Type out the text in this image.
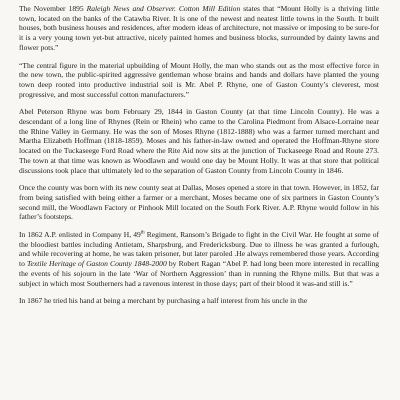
The November 1895 Raleigh News and Observer. Cotton Mill Edition states that “Mount Holly is a thriving little town, located on the banks of the Catawba River. It is one of the newest and neatest little towns in the South. It built houses, both business houses and residences, after modern ideas of architecture, not massive or imposing to be sure-for it is a very young town yet-but attractive, nicely painted homes and business blocks, surrounded by dainty lawns and flower pots.”

“The central figure in the material upbuilding of Mount Holly, the man who stands out as the most effective force in the new town, the public-spirited aggressive gentleman whose brains and hands and dollars have planted the young town deep rooted into productive industrial soil is Mr. Abel P. Rhyne, one of Gaston County’s cleverest, most progressive, and most successful cotton manufacturers.”

Abel Peterson Rhyne was born February 29, 1844 in Gaston County (at that time Lincoln County). He was a descendant of a long line of Rhynes (Rein or Rhein) who came to the Carolina Piedmont from Alsace-Lorraine near the Rhine Valley in Germany. He was the son of Moses Rhyne (1812-1888) who was a farmer turned merchant and Martha Elizabeth Hoffman (1818-1859). Moses and his father-in-law owned and operated the Hoffman-Rhyne store located on the Tuckaseege Ford Road where the Rite Aid now sits at the junction of Tuckaseege Road and Route 273. The town at that time was known as Woodlawn and would one day be Mount Holly. It was at that store that political discussions took place that ultimately led to the separation of Gaston County from Lincoln County in 1846.

Once the county was born with its new county seat at Dallas, Moses opened a store in that town. However, in 1852, far from being satisfied with being either a farmer or a merchant, Moses became one of six partners in Gaston County’s second mill, the Woodlawn Factory or Pinhook Mill located on the South Fork River. A.P. Rhyne would follow in his father’s footsteps.

In 1862 A.P. enlisted in Company H, 49th Regiment, Ransom’s Brigade to fight in the Civil War. He fought at some of the bloodiest battles including Antietam, Sharpsburg, and Fredericksburg. Due to illness he was granted a furlough, and while recovering at home, he was taken prisoner, but later paroled .He always remembered those years. According to Textile Heritage of Gaston County 1848-2000 by Robert Ragan “Abel P. had long been more interested in recalling the events of his sojourn in the late ‘War of Northern Aggression’ than in running the Rhyne mills. But that was a subject in which most Southerners had a ravenous interest in those days; part of their blood it was-and still is.”

In 1867 he tried his hand at being a merchant by purchasing a half interest from his uncle in the
